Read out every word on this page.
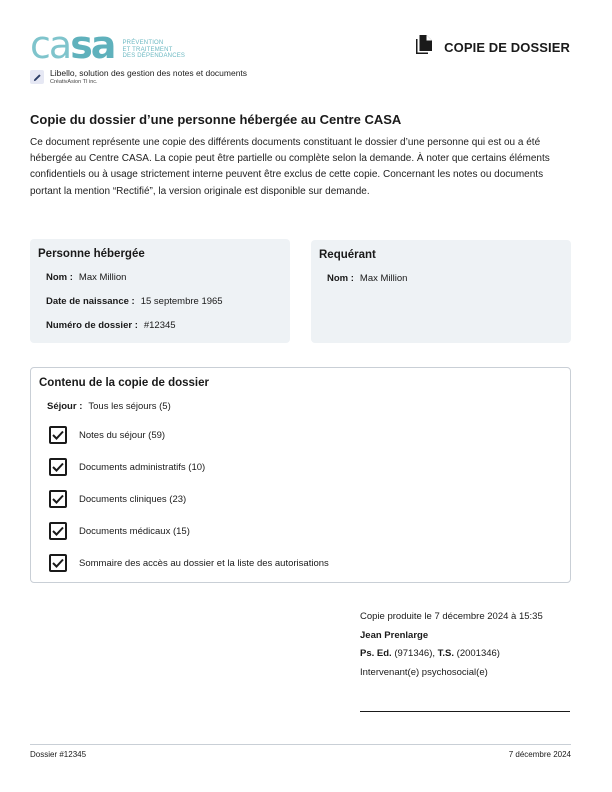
casa PRÉVENTION
ET TRAITEMENT
DES DÉPENDANCES
Libello, solution des gestion des notes et documents
CréativAsion TI inc.
COPIE DE DOSSIER
Copie du dossier d’une personne hébergée au Centre CASA

Ce document représente une copie des différents documents constituant le dossier d’une personne qui est ou a été hébergée au Centre CASA. La copie peut être partielle ou complète selon la demande. À noter que certains éléments confidentiels ou à usage strictement interne peuvent être exclus de cette copie. Concernant les notes ou documents portant la mention “Rectifié”, la version originale est disponible sur demande.

Personne hébergée
Nom : Max Million
Date de naissance : 15 septembre 1965
Numéro de dossier : #12345
Requérant
Nom : Max Million
Contenu de la copie de dossier
Séjour : Tous les séjours (5)
Notes du séjour (59)
Documents administratifs (10)
Documents cliniques (23)
Documents médicaux (15)
Sommaire des accès au dossier et la liste des autorisations
Copie produite le 7 décembre 2024 à 15:35
Jean Prenlarge
Ps. Ed. (971346), T.S. (2001346)
Intervenant(e) psychosocial(e)
Dossier #12345	7 décembre 2024
